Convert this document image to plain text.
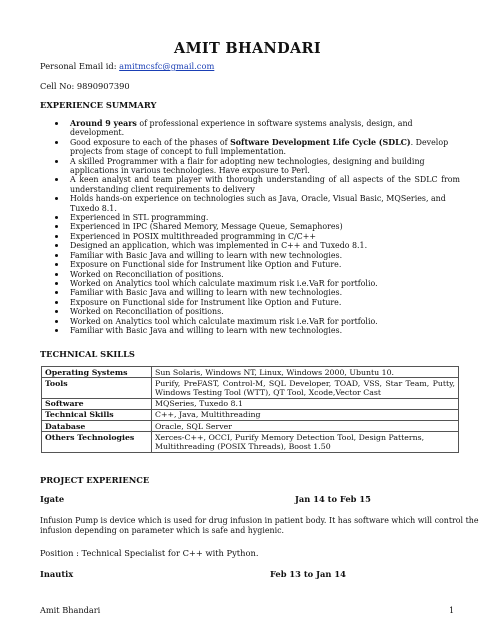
AMIT BHANDARI
Personal Email id: amitmcsfc@gmail.com
Cell No: 9890907390
EXPERIENCE SUMMARY
Around 9 years of professional experience in software systems analysis, design, and development.
Good exposure to each of the phases of Software Development Life Cycle (SDLC). Develop projects from stage of concept to full implementation.
A skilled Programmer with a flair for adopting new technologies, designing and building applications in various technologies. Have exposure to Perl.
A keen analyst and team player with thorough understanding of all aspects of the SDLC from understanding client requirements to delivery
Holds hands-on experience on technologies such as Java, Oracle, Visual Basic, MQSeries, and Tuxedo 8.1.
Experienced in STL programming.
Experienced in IPC (Shared Memory, Message Queue, Semaphores)
Experienced in POSIX multithreaded programming in C/C++
Designed an application, which was implemented in C++ and Tuxedo 8.1.
Familiar with Basic Java and willing to learn with new technologies.
Exposure on Functional side for Instrument like Option and Future.
Worked on Reconciliation of positions.
Worked on Analytics tool which calculate maximum risk i.e.VaR for portfolio.
Familiar with Basic Java and willing to learn with new technologies.
Exposure on Functional side for Instrument like Option and Future.
Worked on Reconciliation of positions.
Worked on Analytics tool which calculate maximum risk i.e.VaR for portfolio.
Familiar with Basic Java and willing to learn with new technologies.
TECHNICAL SKILLS
Operating Systems	Sun Solaris, Windows NT, Linux, Windows 2000, Ubuntu 10.
Tools	Purify, PreFAST, Control-M, SQL Developer, TOAD, VSS, Star Team, Putty, Windows Testing Tool (WTT), QT Tool, Xcode,Vector Cast
Software	MQSeries, Tuxedo 8.1
Technical Skills	C++, Java, Multithreading
Database	Oracle, SQL Server
Others Technologies	Xerces-C++, OCCI, Purify Memory Detection Tool, Design Patterns, Multithreading (POSIX Threads), Boost 1.50
PROJECT EXPERIENCE
Igate	Jan 14 to Feb 15
Infusion Pump is device which is used for drug infusion in patient body. It has software which will control the
infusion depending on parameter which is safe and hygienic.
Position : Technical Specialist for C++ with Python.
Inautix	Feb 13 to Jan 14
Amit Bhandari	1
